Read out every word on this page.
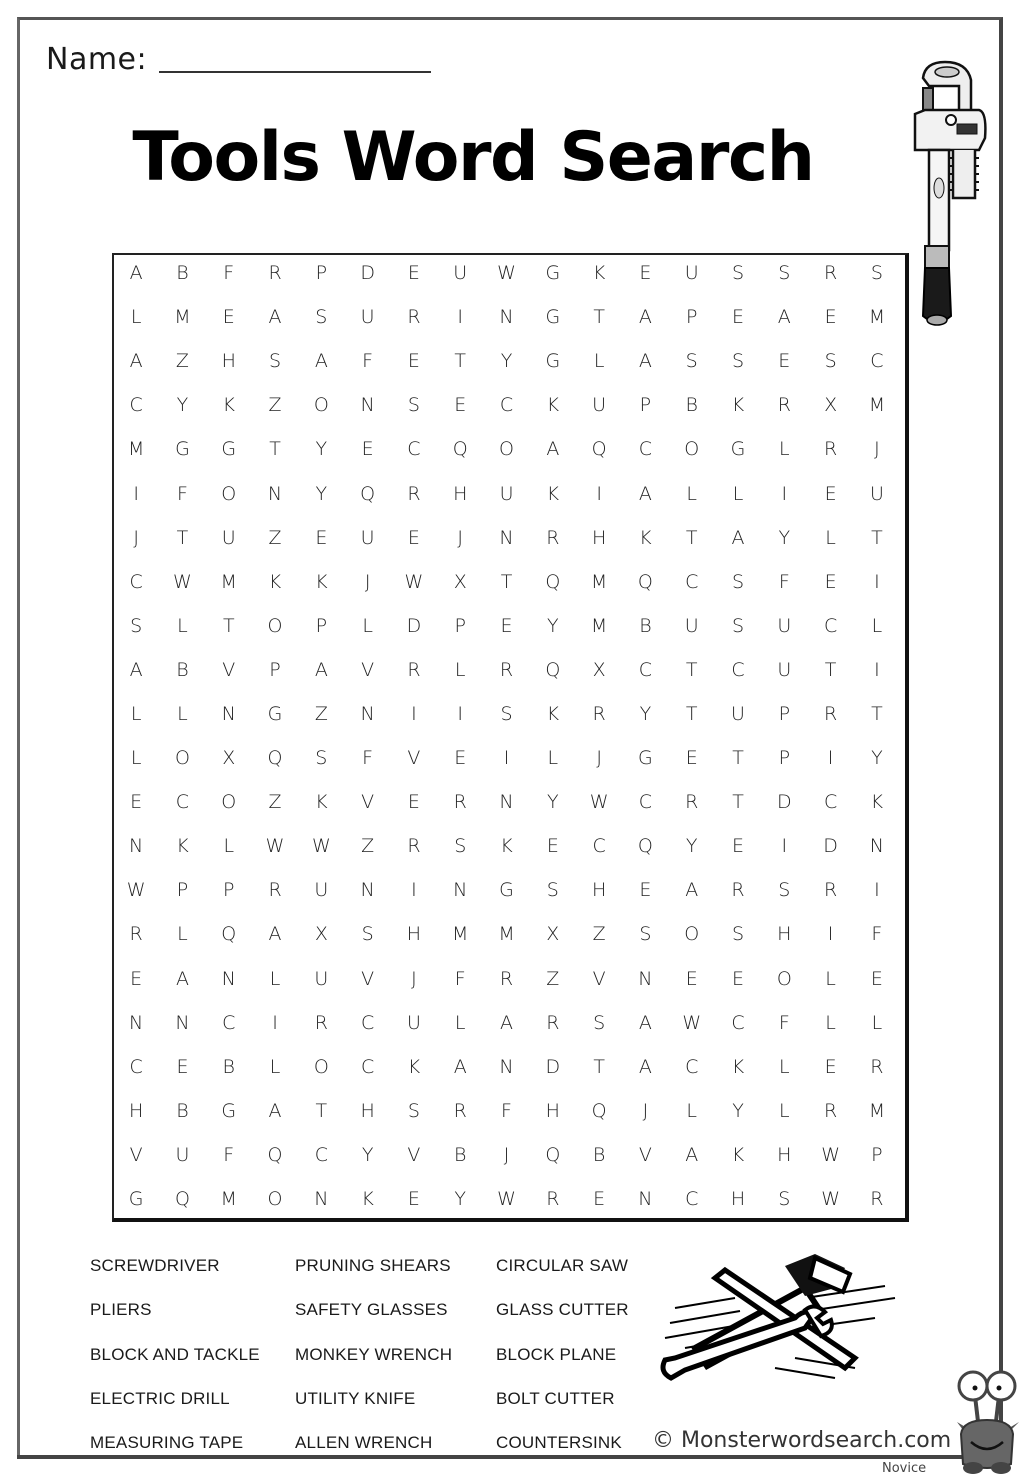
Name:
Tools Word Search
A	B	F	R	P	D	E	U	W	G	K	E	U	S	S	R	S
L	M	E	A	S	U	R	I	N	G	T	A	P	E	A	E	M
A	Z	H	S	A	F	E	T	Y	G	L	A	S	S	E	S	C
C	Y	K	Z	O	N	S	E	C	K	U	P	B	K	R	X	M
M	G	G	T	Y	E	C	Q	O	A	Q	C	O	G	L	R	J
I	F	O	N	Y	Q	R	H	U	K	I	A	L	L	I	E	U
J	T	U	Z	E	U	E	J	N	R	H	K	T	A	Y	L	T
C	W	M	K	K	J	W	X	T	Q	M	Q	C	S	F	E	I
S	L	T	O	P	L	D	P	E	Y	M	B	U	S	U	C	L
A	B	V	P	A	V	R	L	R	Q	X	C	T	C	U	T	I
L	L	N	G	Z	N	I	I	S	K	R	Y	T	U	P	R	T
L	O	X	Q	S	F	V	E	I	L	J	G	E	T	P	I	Y
E	C	O	Z	K	V	E	R	N	Y	W	C	R	T	D	C	K
N	K	L	W	W	Z	R	S	K	E	C	Q	Y	E	I	D	N
W	P	P	R	U	N	I	N	G	S	H	E	A	R	S	R	I
R	L	Q	A	X	S	H	M	M	X	Z	S	O	S	H	I	F
E	A	N	L	U	V	J	F	R	Z	V	N	E	E	O	L	E
N	N	C	I	R	C	U	L	A	R	S	A	W	C	F	L	L
C	E	B	L	O	C	K	A	N	D	T	A	C	K	L	E	R
H	B	G	A	T	H	S	R	F	H	Q	J	L	Y	L	R	M
V	U	F	Q	C	Y	V	B	J	Q	B	V	A	K	H	W	P
G	Q	M	O	N	K	E	Y	W	R	E	N	C	H	S	W	R
SCREWDRIVER	PRUNING SHEARS	CIRCULAR SAW
PLIERS	SAFETY GLASSES	GLASS CUTTER
BLOCK AND TACKLE	MONKEY WRENCH	BLOCK PLANE
ELECTRIC DRILL	UTILITY KNIFE	BOLT CUTTER
MEASURING TAPE	ALLEN WRENCH	COUNTERSINK	© Monsterwordsearch.com
Novice
